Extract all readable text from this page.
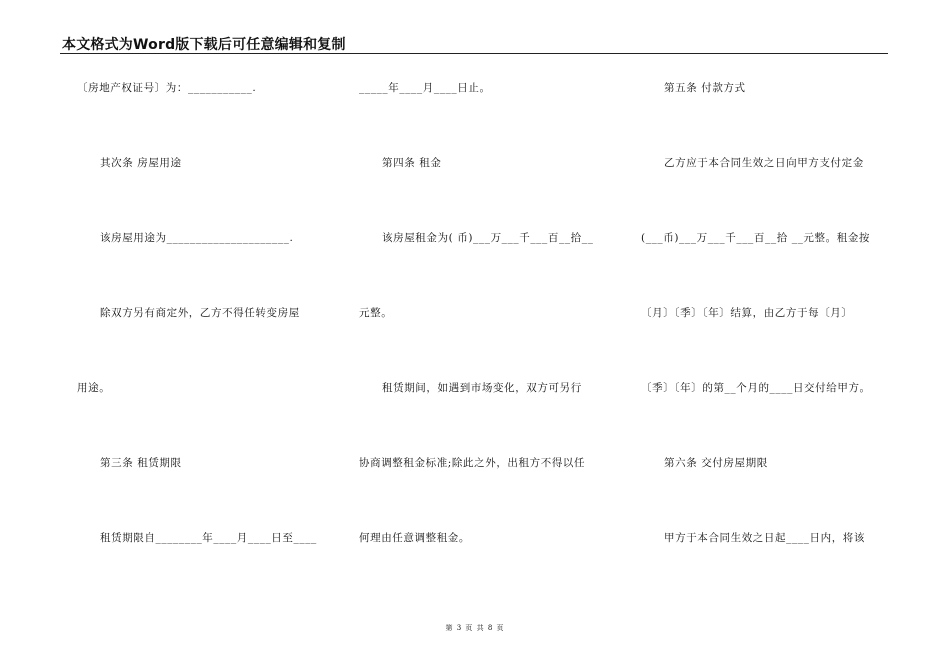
本文格式为Word版下载后可任意编辑和复制
〔房地产权证号〕为：___________.
其次条 房屋用途
该房屋用途为_____________________.
除双方另有商定外，乙方不得任转变房屋
用途。
第三条 租赁期限
租赁期限自________年____月____日至____
_____年____月____日止。
第四条 租金
该房屋租金为( 币)___万___千___百__拾__
元整。
租赁期间，如遇到市场变化，双方可另行
协商调整租金标准;除此之外，出租方不得以任
何理由任意调整租金。
第五条 付款方式
乙方应于本合同生效之日向甲方支付定金
(___币)___万___千___百__拾 __元整。租金按
〔月〕〔季〕〔年〕结算，由乙方于每〔月〕
〔季〕〔年〕的第__个月的____日交付给甲方。
第六条 交付房屋期限
甲方于本合同生效之日起____日内，将该
第 3 页 共 8 页
